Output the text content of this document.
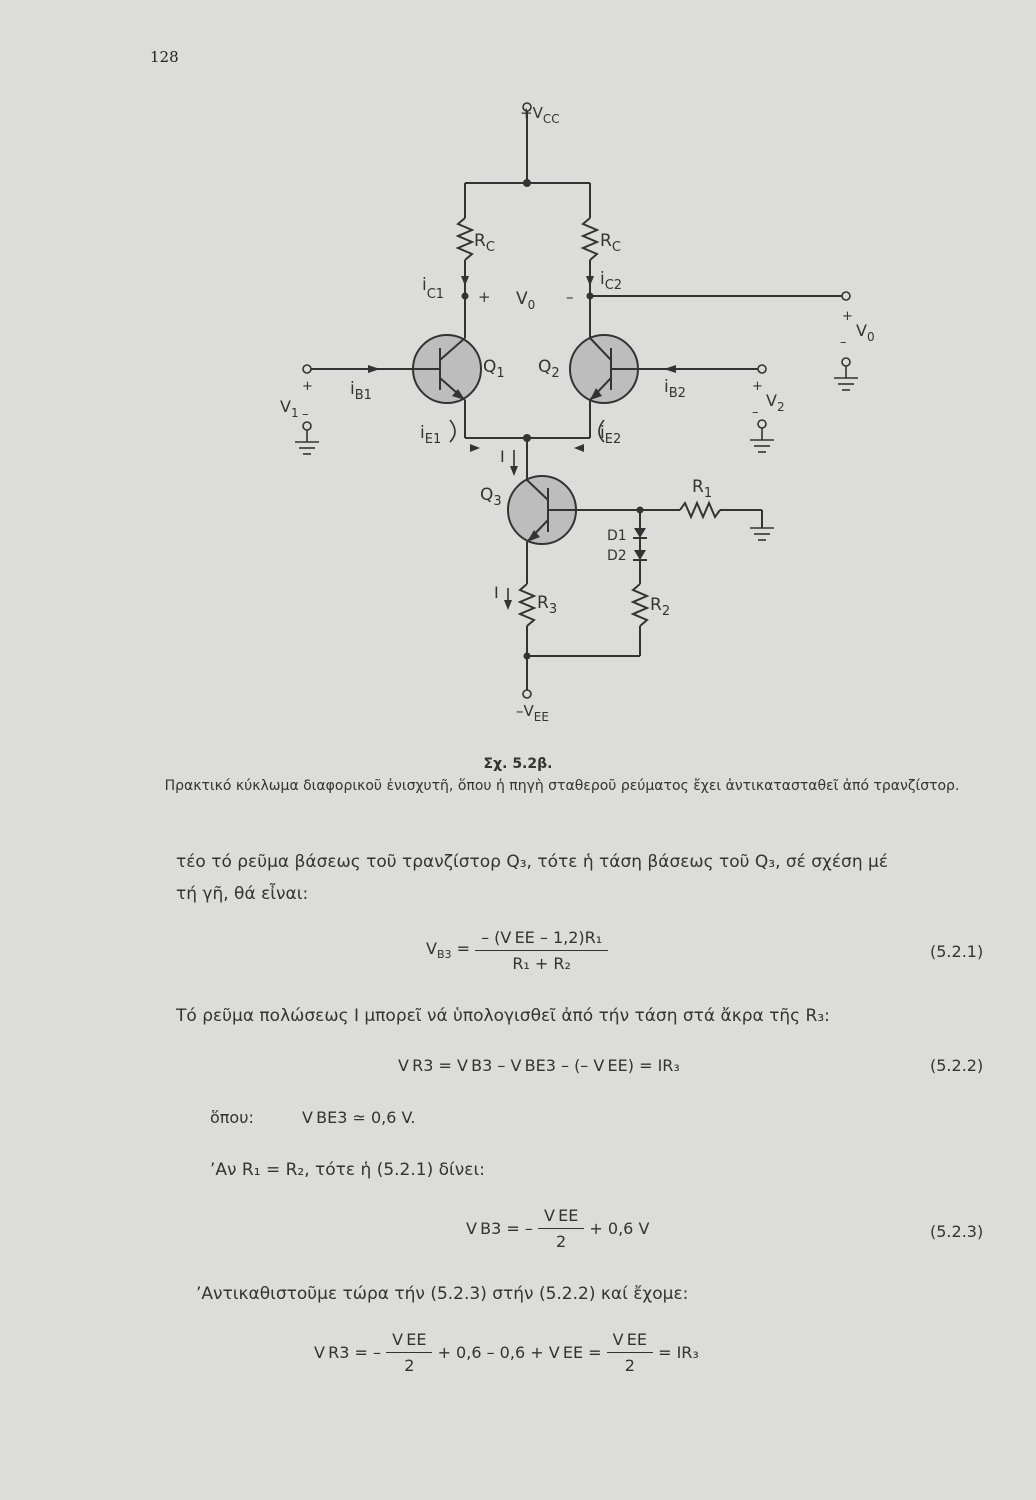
128
$+V_{CC}$
$R_C$
$i_{C1}$ +
$R_C$
$i_{C2}$
–
$V_0$
+
$V_0$
–
$Q_1$
$i_{B1}$
+
$V_1$ –
$Q_2$
$i_{B2}$	+
$V_2$
–
$i_{E1}$	$i_{E2}$
I
$Q_3$
$R_1$
D1
D2
$R_2$
$R_3$
I
$-V_{EE}$
Σχ. 5.2β.
Πρακτικό κύκλωμα διαφορικοῦ ἐνισχυτῆ, ὅπου ἡ πηγὴ σταθεροῦ ρεύματος ἔχει ἀντικατασταθεῖ ἀπό τρανζίστορ.
τέο τό ρεῦμα βάσεως τοῦ τρανζίστορ Q₃, τότε ἡ τάση βάσεως τοῦ Q₃, σέ σχέση μέ
τή γῆ, θά εἶναι:
$V_{B3} = \frac{\text{– (V EE – 1,2)R₁}}{\text{R₁ + R₂}}$	(5.2.1)
Τό ρεῦμα πολώσεως I μπορεῖ νά ὑπολογισθεῖ ἀπό τήν τάση στά ἄκρα τῆς R₃:
V R3 = V B3 – V BE3 – (– V EE) = IR₃	(5.2.2)
ὅπου:	V BE3 ≃ 0,6 V.
’Αν R₁ = R₂, τότε ἡ (5.2.1) δίνει:
V B3 = – $\frac{\text{V EE}}{2} + 0,6$ V	(5.2.3)
’Αντικαθιστοῦμε τώρα τήν (5.2.3) στήν (5.2.2) καί ἔχομε:
V R3 = – $\frac{\text{V EE}}{2} + 0,6 - 0,6 + V$ EE = $\frac{\text{V EE}}{2} = IR_3$
